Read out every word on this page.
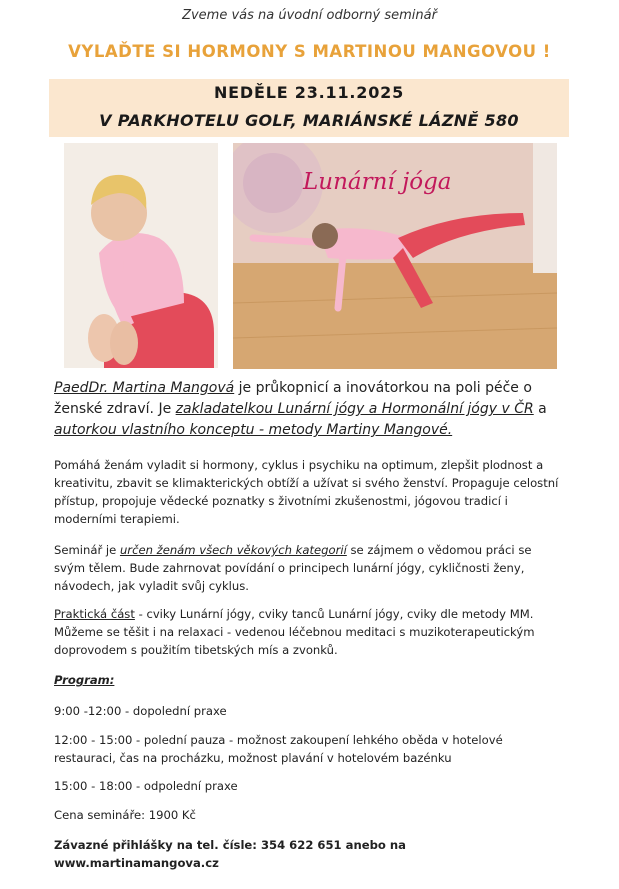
Zveme vás na úvodní odborný seminář
VYLAĎTE SI HORMONY S MARTINOU MANGOVOU !
NEDĚLE 23.11.2025
V PARKHOTELU GOLF, MARIÁNSKÉ LÁZNĚ 580
Lunární jóga
PaedDr. Martina Mangová je průkopnicí a inovátorkou na poli péče o ženské zdraví. Je zakladatelkou Lunární jógy a Hormonální jógy v ČR a autorkou vlastního konceptu - metody Martiny Mangové.
Pomáhá ženám vyladit si hormony, cyklus i psychiku na optimum, zlepšit plodnost a kreativitu, zbavit se klimakterických obtíží a užívat si svého ženství. Propaguje celostní přístup, propojuje vědecké poznatky s životními zkušenostmi, jógovou tradicí i moderními terapiemi.
Seminář je určen ženám všech věkových kategorií se zájmem o vědomou práci se svým tělem. Bude zahrnovat povídání o principech lunární jógy, cykličnosti ženy, návodech, jak vyladit svůj cyklus.
Praktická část - cviky Lunární jógy, cviky tanců Lunární jógy, cviky dle metody MM. Můžeme se těšit i na relaxaci - vedenou léčebnou meditaci s muzikoterapeutickým doprovodem s použitím tibetských mís a zvonků.
Program:
9:00 -12:00 - dopolední praxe
12:00 - 15:00 - polední pauza - možnost zakoupení lehkého oběda v hotelové restauraci, čas na procházku, možnost plavání v hotelovém bazénku
15:00 - 18:00 - odpolední praxe
Cena semináře: 1900 Kč
Závazné přihlášky na tel. čísle: 354 622 651 anebo na www.martinamangova.cz
